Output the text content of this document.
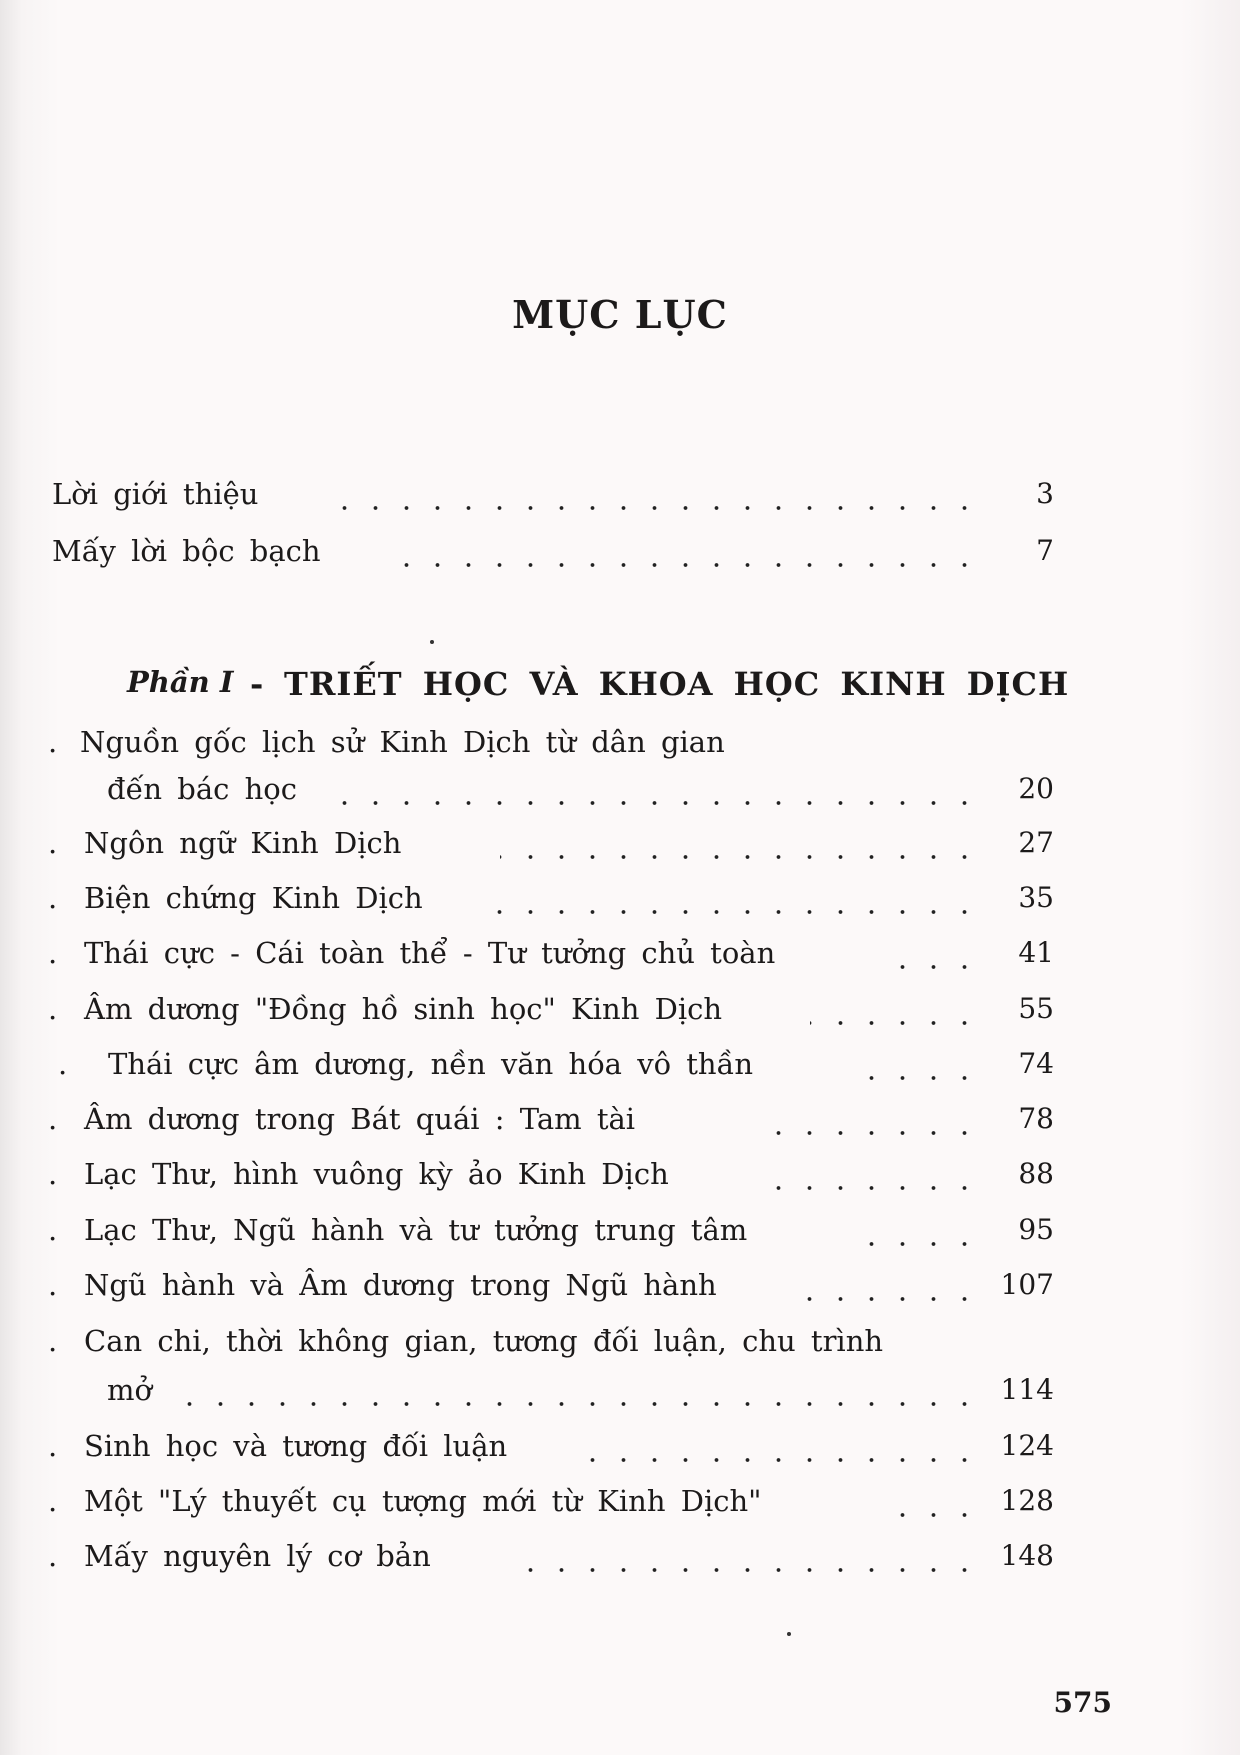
MỤC LỤC
Lời giới thiệu	3
Mấy lời bộc bạch	7
Phần I - TRIẾT HỌC VÀ KHOA HỌC KINH DỊCH
. Nguồn gốc lịch sử Kinh Dịch từ dân gian
đến bác học	20
. Ngôn ngữ Kinh Dịch	27
. Biện chứng Kinh Dịch	35
. Thái cực - Cái toàn thể - Tư tưởng chủ toàn	41
. Âm dương "Đồng hồ sinh học" Kinh Dịch	55
. Thái cực âm dương, nền văn hóa vô thần	74
. Âm dương trong Bát quái : Tam tài	78
. Lạc Thư, hình vuông kỳ ảo Kinh Dịch	88
. Lạc Thư, Ngũ hành và tư tưởng trung tâm	95
. Ngũ hành và Âm dương trong Ngũ hành	107
. Can chi, thời không gian, tương đối luận, chu trình
mở	114
. Sinh học và tương đối luận	124
. Một "Lý thuyết cụ tượng mới từ Kinh Dịch"	128
. Mấy nguyên lý cơ bản	148
575
